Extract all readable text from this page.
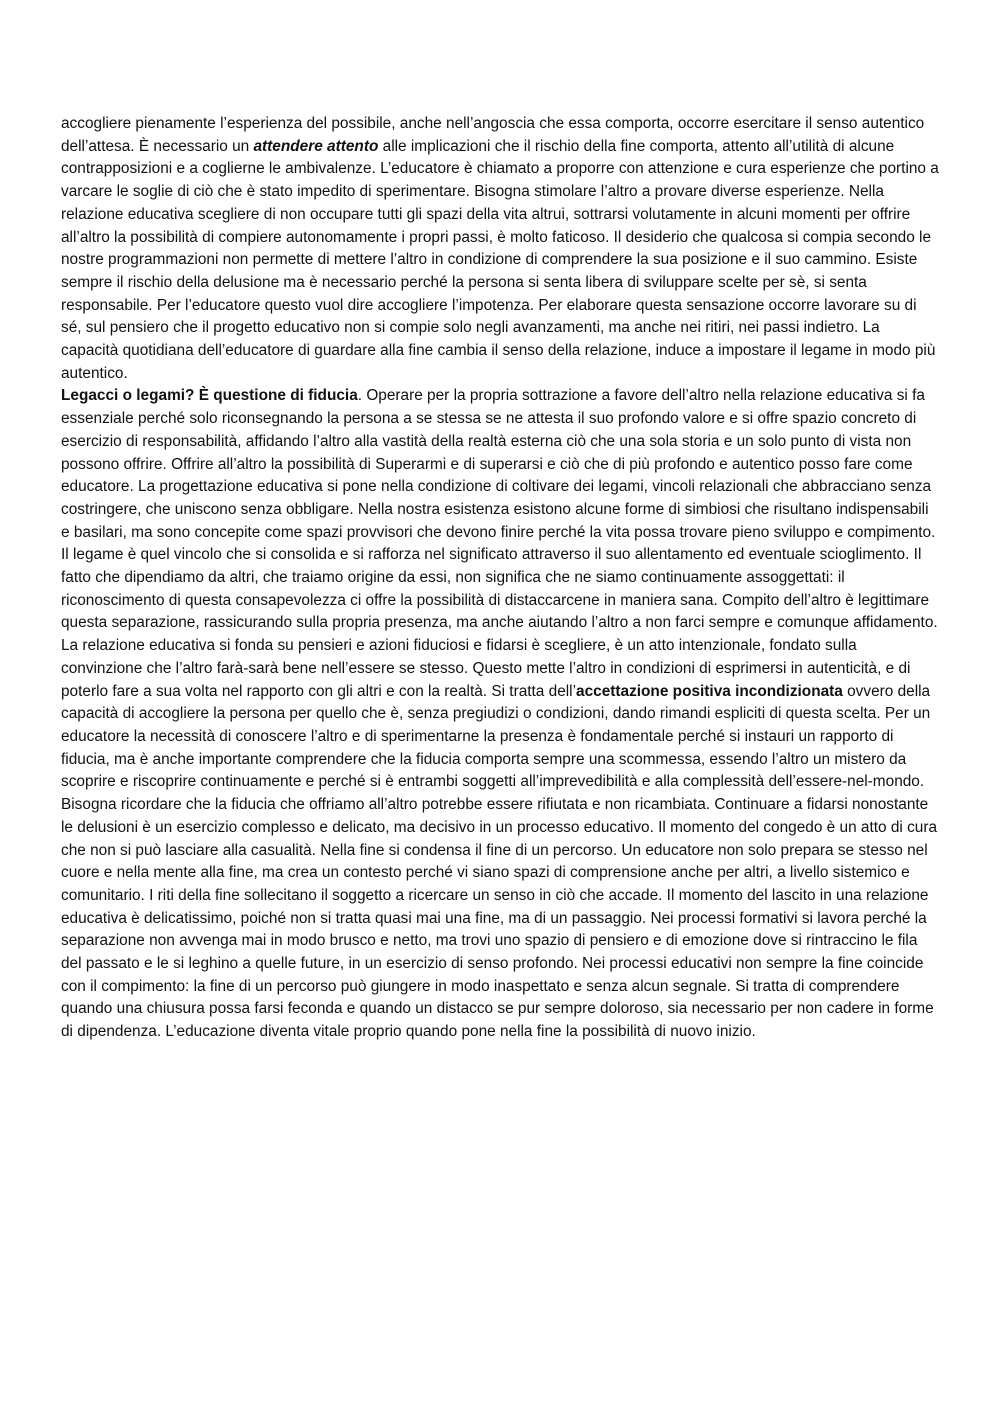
accogliere pienamente l’esperienza del possibile, anche nell’angoscia che essa comporta, occorre esercitare il senso autentico dell’attesa. È necessario un attendere attento alle implicazioni che il rischio della fine comporta, attento all’utilità di alcune contrapposizioni e a coglierne le ambivalenze. L’educatore è chiamato a proporre con attenzione e cura esperienze che portino a varcare le soglie di ciò che è stato impedito di sperimentare. Bisogna stimolare l’altro a provare diverse esperienze. Nella relazione educativa scegliere di non occupare tutti gli spazi della vita altrui, sottrarsi volutamente in alcuni momenti per offrire all’altro la possibilità di compiere autonomamente i propri passi, è molto faticoso. Il desiderio che qualcosa si compia secondo le nostre programmazioni non permette di mettere l’altro in condizione di comprendere la sua posizione e il suo cammino. Esiste sempre il rischio della delusione ma è necessario perché la persona si senta libera di sviluppare scelte per sè, si senta responsabile. Per l’educatore questo vuol dire accogliere l’impotenza. Per elaborare questa sensazione occorre lavorare su di sé, sul pensiero che il progetto educativo non si compie solo negli avanzamenti, ma anche nei ritiri, nei passi indietro. La capacità quotidiana dell’educatore di guardare alla fine cambia il senso della relazione, induce a impostare il legame in modo più autentico.

Legacci o legami? È questione di fiducia. Operare per la propria sottrazione a favore dell’altro nella relazione educativa si fa essenziale perché solo riconsegnando la persona a se stessa se ne attesta il suo profondo valore e si offre spazio concreto di esercizio di responsabilità, affidando l’altro alla vastità della realtà esterna ciò che una sola storia e un solo punto di vista non possono offrire. Offrire all’altro la possibilità di Superarmi e di superarsi e ciò che di più profondo e autentico posso fare come educatore. La progettazione educativa si pone nella condizione di coltivare dei legami, vincoli relazionali che abbracciano senza costringere, che uniscono senza obbligare. Nella nostra esistenza esistono alcune forme di simbiosi che risultano indispensabili e basilari, ma sono concepite come spazi provvisori che devono finire perché la vita possa trovare pieno sviluppo e compimento. Il legame è quel vincolo che si consolida e si rafforza nel significato attraverso il suo allentamento ed eventuale scioglimento. Il fatto che dipendiamo da altri, che traiamo origine da essi, non significa che ne siamo continuamente assoggettati: il riconoscimento di questa consapevolezza ci offre la possibilità di distaccarcene in maniera sana. Compito dell’altro è legittimare questa separazione, rassicurando sulla propria presenza, ma anche aiutando l’altro a non farci sempre e comunque affidamento.

La relazione educativa si fonda su pensieri e azioni fiduciosi e fidarsi è scegliere, è un atto intenzionale, fondato sulla convinzione che l’altro farà-sarà bene nell’essere se stesso. Questo mette l’altro in condizioni di esprimersi in autenticità, e di poterlo fare a sua volta nel rapporto con gli altri e con la realtà. Si tratta dell’accettazione positiva incondizionata ovvero della capacità di accogliere la persona per quello che è, senza pregiudizi o condizioni, dando rimandi espliciti di questa scelta. Per un educatore la necessità di conoscere l’altro e di sperimentarne la presenza è fondamentale perché si instauri un rapporto di fiducia, ma è anche importante comprendere che la fiducia comporta sempre una scommessa, essendo l’altro un mistero da scoprire e riscoprire continuamente e perché si è entrambi soggetti all’imprevedibilità e alla complessità dell’essere-nel-mondo. Bisogna ricordare che la fiducia che offriamo all’altro potrebbe essere rifiutata e non ricambiata. Continuare a fidarsi nonostante le delusioni è un esercizio complesso e delicato, ma decisivo in un processo educativo. Il momento del congedo è un atto di cura che non si può lasciare alla casualità. Nella fine si condensa il fine di un percorso. Un educatore non solo prepara se stesso nel cuore e nella mente alla fine, ma crea un contesto perché vi siano spazi di comprensione anche per altri, a livello sistemico e comunitario. I riti della fine sollecitano il soggetto a ricercare un senso in ciò che accade. Il momento del lascito in una relazione educativa è delicatissimo, poiché non si tratta quasi mai una fine, ma di un passaggio. Nei processi formativi si lavora perché la separazione non avvenga mai in modo brusco e netto, ma trovi uno spazio di pensiero e di emozione dove si rintraccino le fila del passato e le si leghino a quelle future, in un esercizio di senso profondo. Nei processi educativi non sempre la fine coincide con il compimento: la fine di un percorso può giungere in modo inaspettato e senza alcun segnale. Si tratta di comprendere quando una chiusura possa farsi feconda e quando un distacco se pur sempre doloroso, sia necessario per non cadere in forme di dipendenza. L’educazione diventa vitale proprio quando pone nella fine la possibilità di nuovo inizio.
